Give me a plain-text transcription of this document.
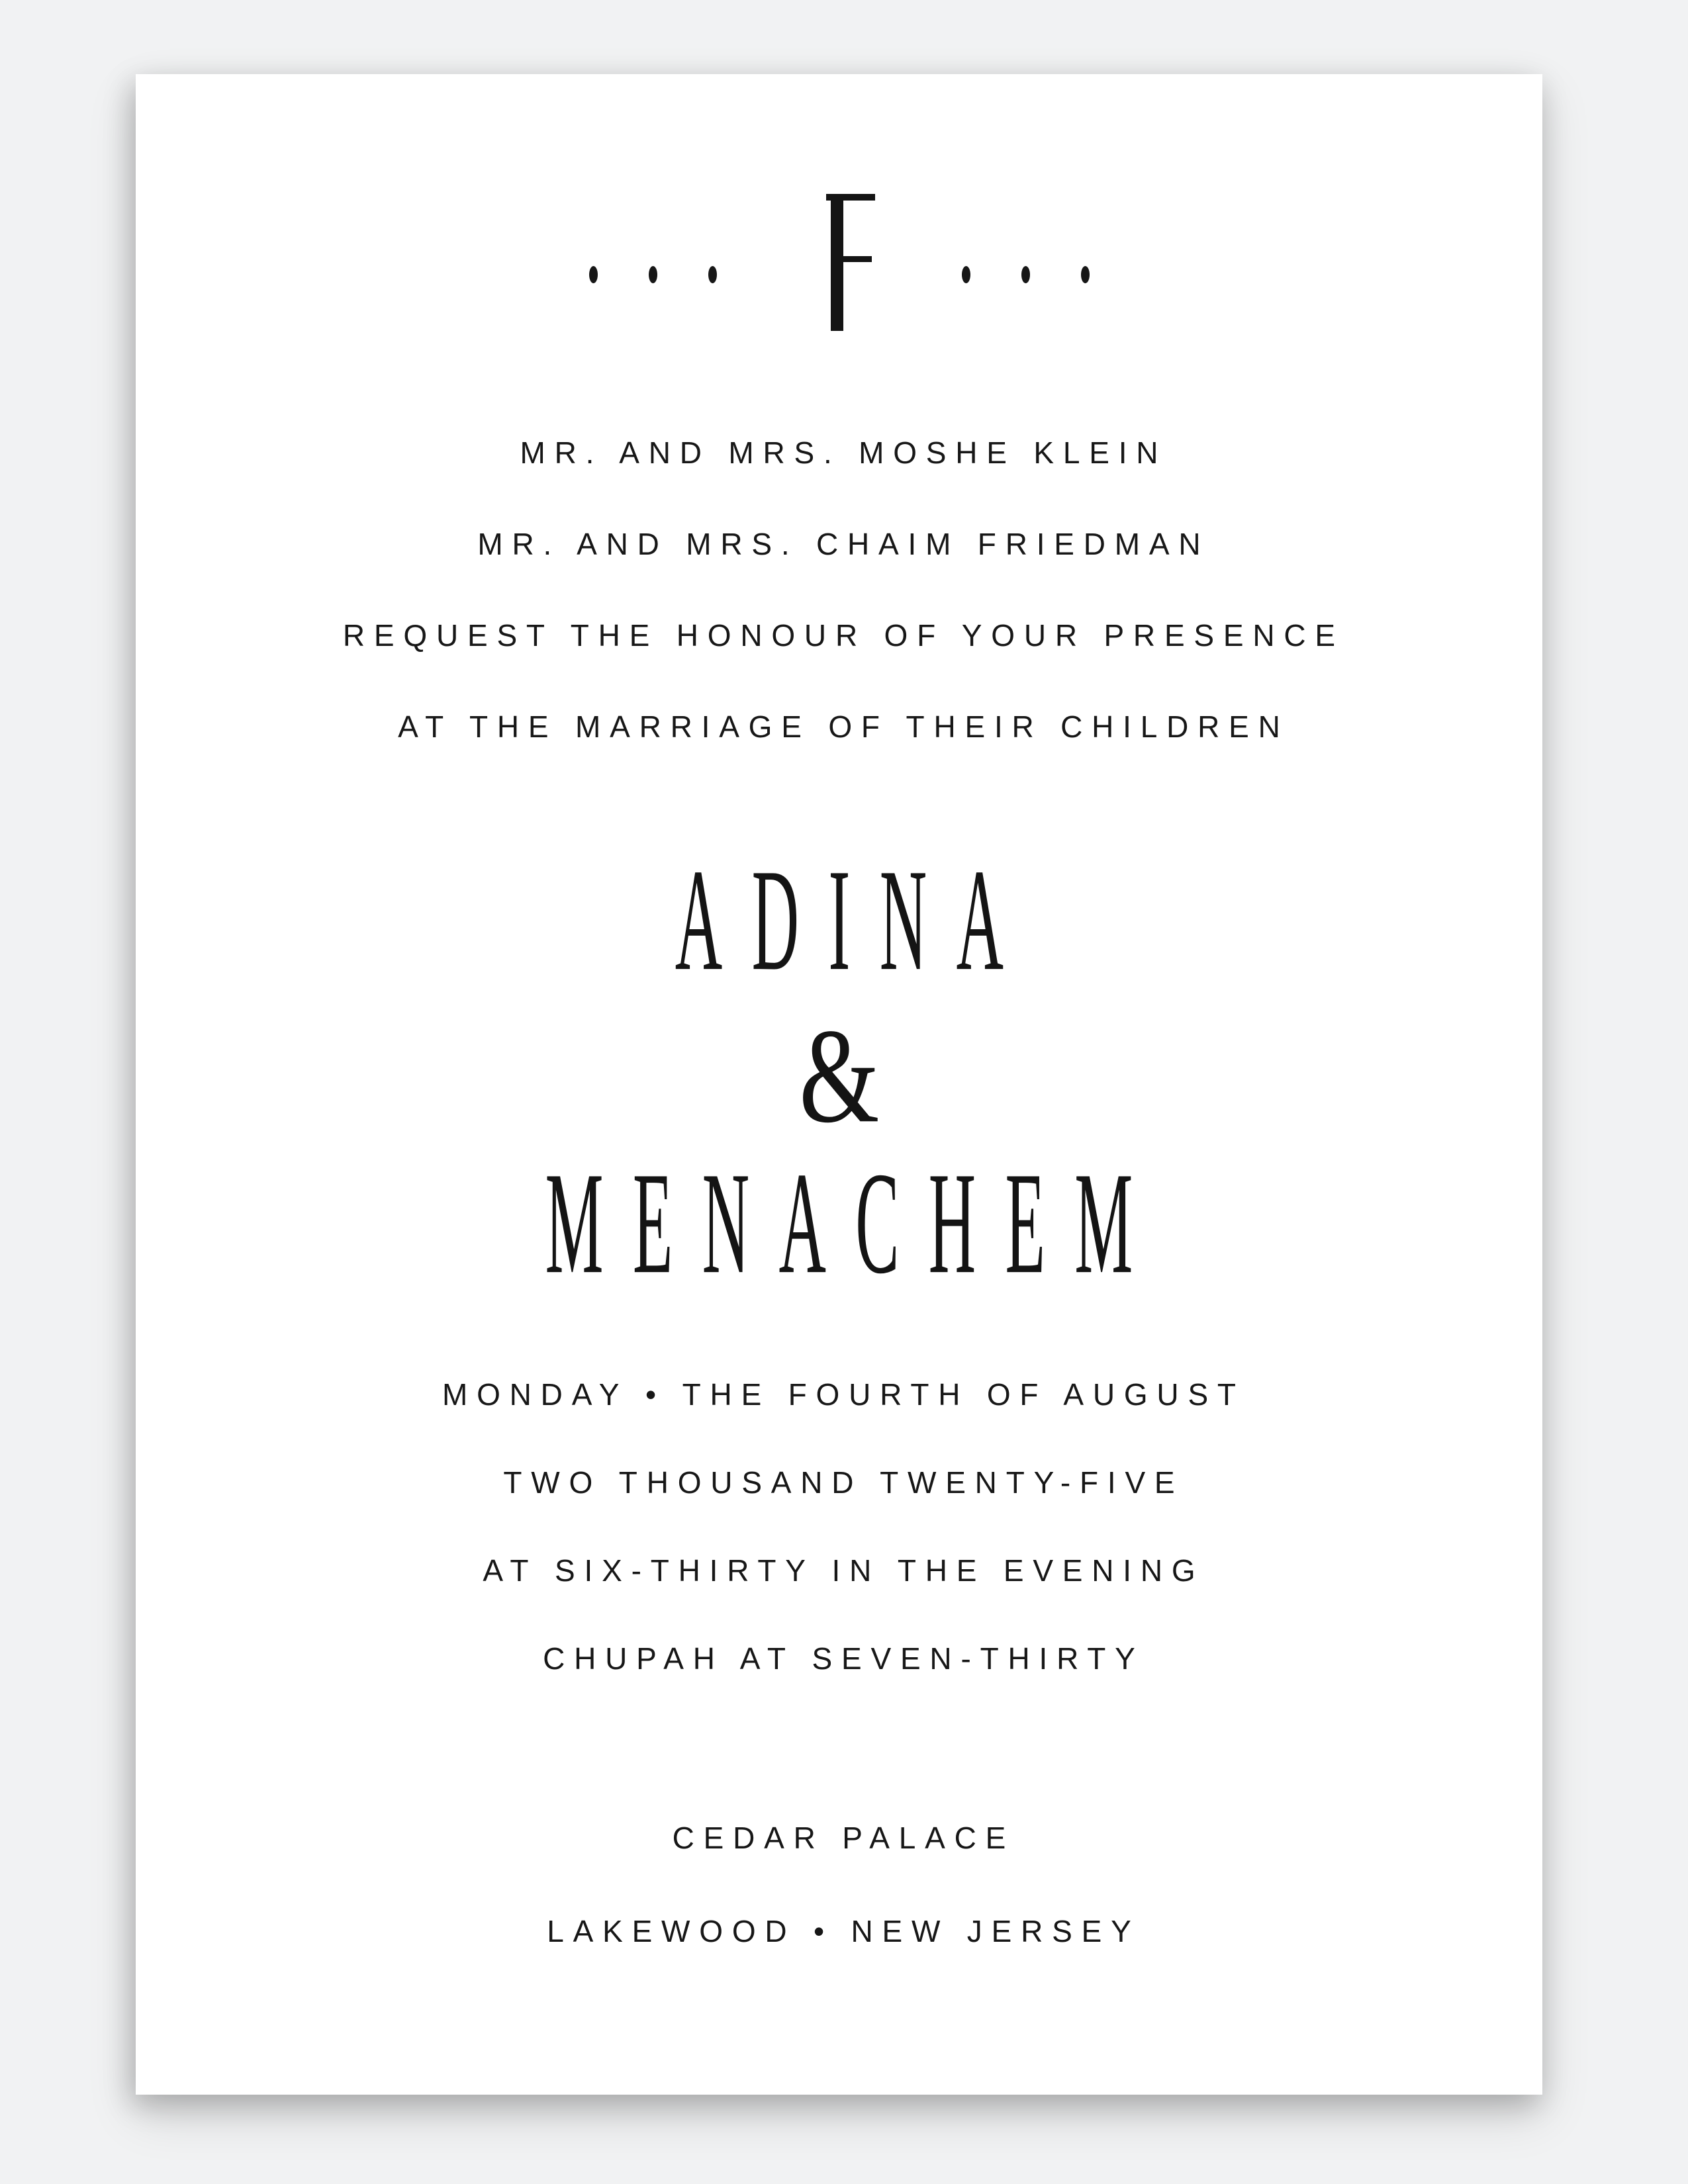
MR. AND MRS. MOSHE KLEIN
MR. AND MRS. CHAIM FRIEDMAN
REQUEST THE HONOUR OF YOUR PRESENCE
AT THE MARRIAGE OF THEIR CHILDREN
ADINA
&
MENACHEM
MONDAY • THE FOURTH OF AUGUST
TWO THOUSAND TWENTY-FIVE
AT SIX-THIRTY IN THE EVENING
CHUPAH AT SEVEN-THIRTY
CEDAR PALACE
LAKEWOOD • NEW JERSEY
